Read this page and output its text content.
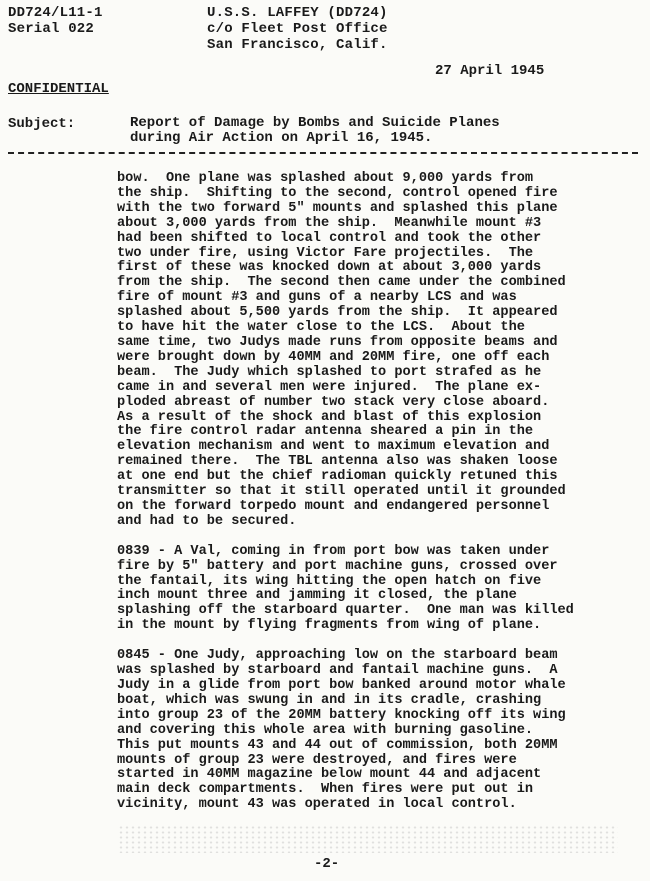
DD724/L11-1
Serial 022
U.S.S. LAFFEY (DD724)
c/o Fleet Post Office
San Francisco, Calif.
27 April 1945
CONFIDENTIAL
Subject:	Report of Damage by Bombs and Suicide Planes
during Air Action on April 16, 1945.
bow.  One plane was splashed about 9,000 yards from
the ship.  Shifting to the second, control opened fire
with the two forward 5" mounts and splashed this plane
about 3,000 yards from the ship.  Meanwhile mount #3
had been shifted to local control and took the other
two under fire, using Victor Fare projectiles.  The
first of these was knocked down at about 3,000 yards
from the ship.  The second then came under the combined
fire of mount #3 and guns of a nearby LCS and was
splashed about 5,500 yards from the ship.  It appeared
to have hit the water close to the LCS.  About the
same time, two Judys made runs from opposite beams and
were brought down by 40MM and 20MM fire, one off each
beam.  The Judy which splashed to port strafed as he
came in and several men were injured.  The plane ex-
ploded abreast of number two stack very close aboard.
As a result of the shock and blast of this explosion
the fire control radar antenna sheared a pin in the
elevation mechanism and went to maximum elevation and
remained there.  The TBL antenna also was shaken loose
at one end but the chief radioman quickly retuned this
transmitter so that it still operated until it grounded
on the forward torpedo mount and endangered personnel
and had to be secured.
0839 - A Val, coming in from port bow was taken under
fire by 5" battery and port machine guns, crossed over
the fantail, its wing hitting the open hatch on five
inch mount three and jamming it closed, the plane
splashing off the starboard quarter.  One man was killed
in the mount by flying fragments from wing of plane.
0845 - One Judy, approaching low on the starboard beam
was splashed by starboard and fantail machine guns.  A
Judy in a glide from port bow banked around motor whale
boat, which was swung in and in its cradle, crashing
into group 23 of the 20MM battery knocking off its wing
and covering this whole area with burning gasoline.
This put mounts 43 and 44 out of commission, both 20MM
mounts of group 23 were destroyed, and fires were
started in 40MM magazine below mount 44 and adjacent
main deck compartments.  When fires were put out in
vicinity, mount 43 was operated in local control.
-2-
